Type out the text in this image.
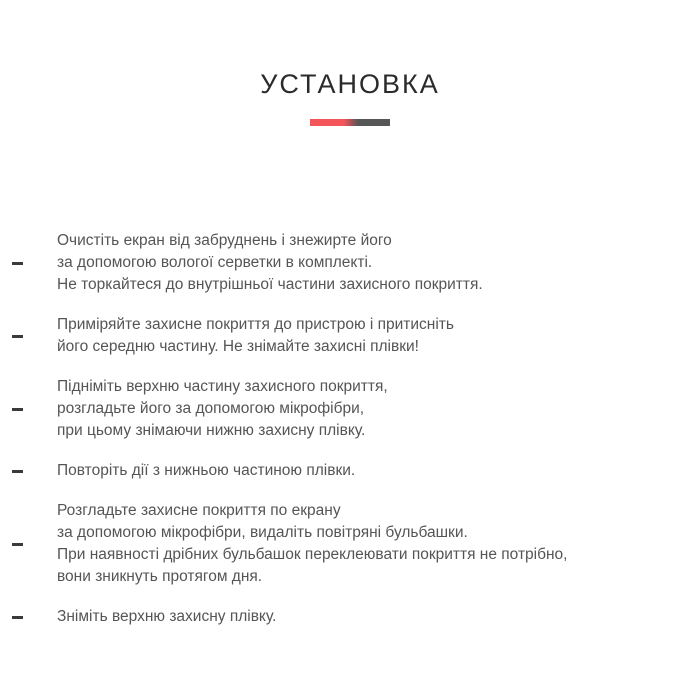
УСТАНОВКА
Очистіть екран від забруднень і знежирте його
за допомогою вологої серветки в комплекті.
Не торкайтеся до внутрішньої частини захисного покриття.
Приміряйте захисне покриття до пристрою і притисніть
його середню частину. Не знімайте захисні плівки!
Підніміть верхню частину захисного покриття,
розгладьте його за допомогою мікрофібри,
при цьому знімаючи нижню захисну плівку.
Повторіть дії з нижньою частиною плівки.
Розгладьте захисне покриття по екрану
за допомогою мікрофібри, видаліть повітряні бульбашки.
При наявності дрібних бульбашок переклеювати покриття не потрібно,
вони зникнуть протягом дня.
Зніміть верхню захисну плівку.
